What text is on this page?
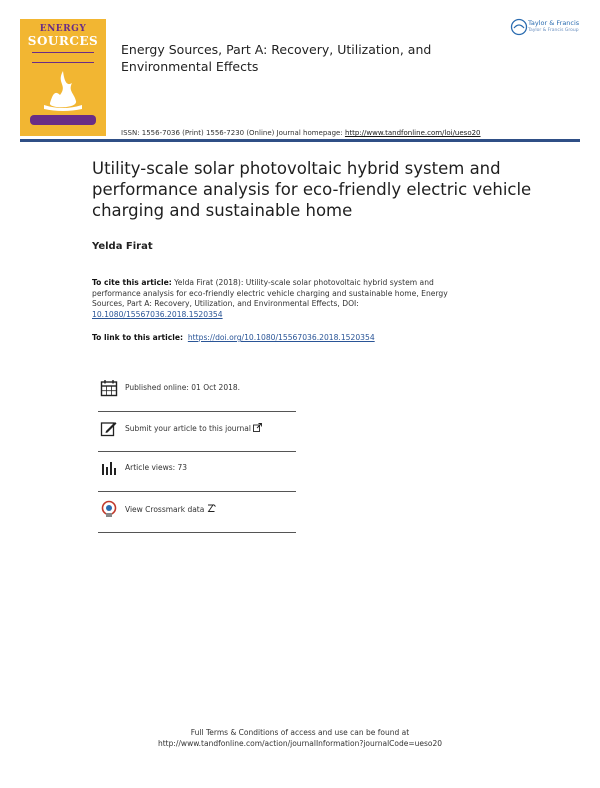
ENERGY
SOURCES
Energy Sources, Part A: Recovery, Utilization, and Environmental Effects
Taylor & Francis
Taylor & Francis Group
ISSN: 1556-7036 (Print) 1556-7230 (Online) Journal homepage: http://www.tandfonline.com/loi/ueso20
Utility-scale solar photovoltaic hybrid system and performance analysis for eco-friendly electric vehicle charging and sustainable home
Yelda Firat
To cite this article: Yelda Firat (2018): Utility-scale solar photovoltaic hybrid system and performance analysis for eco-friendly electric vehicle charging and sustainable home, Energy Sources, Part A: Recovery, Utilization, and Environmental Effects, DOI: 10.1080/15567036.2018.1520354
To link to this article: https://doi.org/10.1080/15567036.2018.1520354
Published online: 01 Oct 2018.
Submit your article to this journal
Article views: 73
View Crossmark data
Full Terms & Conditions of access and use can be found at
http://www.tandfonline.com/action/journalInformation?journalCode=ueso20
